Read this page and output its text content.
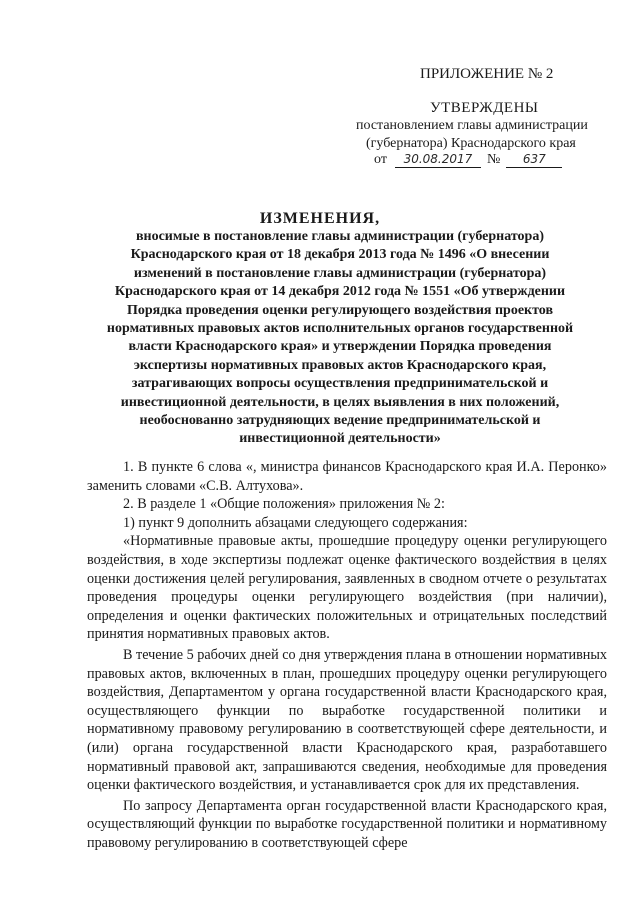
ПРИЛОЖЕНИЕ № 2
УТВЕРЖДЕНЫ
постановлением главы администрации
(губернатора) Краснодарского края
от 30.08.2017 № 637
ИЗМЕНЕНИЯ,
вносимые в постановление главы администрации (губернатора) Краснодарского края от 18 декабря 2013 года № 1496 «О внесении изменений в постановление главы администрации (губернатора) Краснодарского края от 14 декабря 2012 года № 1551 «Об утверждении Порядка проведения оценки регулирующего воздействия проектов нормативных правовых актов исполнительных органов государственной власти Краснодарского края» и утверждении Порядка проведения экспертизы нормативных правовых актов Краснодарского края, затрагивающих вопросы осуществления предпринимательской и инвестиционной деятельности, в целях выявления в них положений, необоснованно затрудняющих ведение предпринимательской и инвестиционной деятельности»

1. В пункте 6 слова «, министра финансов Краснодарского края И.А. Перонко» заменить словами «С.В. Алтухова».

2. В разделе 1 «Общие положения» приложения № 2:

1) пункт 9 дополнить абзацами следующего содержания:

«Нормативные правовые акты, прошедшие процедуру оценки регулирующего воздействия, в ходе экспертизы подлежат оценке фактического воздействия в целях оценки достижения целей регулирования, заявленных в сводном отчете о результатах проведения процедуры оценки регулирующего воздействия (при наличии), определения и оценки фактических положительных и отрицательных последствий принятия нормативных правовых актов.

В течение 5 рабочих дней со дня утверждения плана в отношении нормативных правовых актов, включенных в план, прошедших процедуру оценки регулирующего воздействия, Департаментом у органа государственной власти Краснодарского края, осуществляющего функции по выработке государственной политики и нормативному правовому регулированию в соответствующей сфере деятельности, и (или) органа государственной власти Краснодарского края, разработавшего нормативный правовой акт, запрашиваются сведения, необходимые для проведения оценки фактического воздействия, и устанавливается срок для их представления.

По запросу Департамента орган государственной власти Краснодарского края, осуществляющий функции по выработке государственной политики и нормативному правовому регулированию в соответствующей сфере
